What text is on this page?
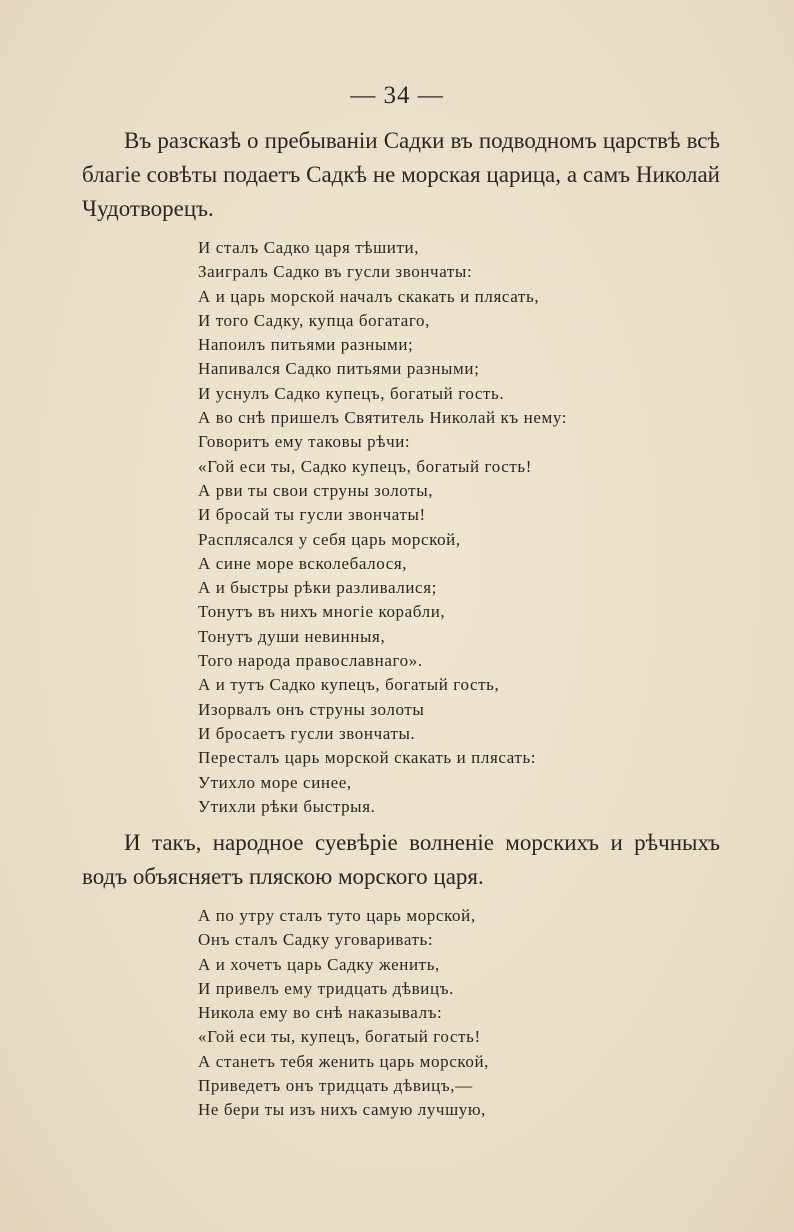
— 34 —
Въ разсказѣ о пребываніи Садки въ подводномъ царствѣ всѣ благіе совѣты подаетъ Садкѣ не морская царица, а самъ Николай Чудотворецъ.
И сталъ Садко царя тѣшити,
Заигралъ Садко въ гусли звончаты:
А и царь морской началъ скакать и плясать,
И того Садку, купца богатаго,
Напоилъ питьями разными;
Напивался Садко питьями разными;
И уснулъ Садко купецъ, богатый гость.
А во снѣ пришелъ Святитель Николай къ нему:
Говоритъ ему таковы рѣчи:
«Гой еси ты, Садко купецъ, богатый гость!
А рви ты свои струны золоты,
И бросай ты гусли звончаты!
Расплясался у себя царь морской,
А сине море всколебалося,
А и быстры рѣки разливалися;
Тонутъ въ нихъ многіе корабли,
Тонутъ души невинныя,
Того народа православнаго».
А и тутъ Садко купецъ, богатый гость,
Изорвалъ онъ струны золоты
И бросаетъ гусли звончаты.
Пересталъ царь морской скакать и плясать:
Утихло море синее,
Утихли рѣки быстрыя.
И такъ, народное суевѣріе волненіе морскихъ и рѣчныхъ водъ объясняетъ пляскою морского царя.
А по утру сталъ туто царь морской,
Онъ сталъ Садку уговаривать:
А и хочетъ царь Садку женить,
И привелъ ему тридцать дѣвицъ.
Никола ему во снѣ наказывалъ:
«Гой еси ты, купецъ, богатый гость!
А станетъ тебя женить царь морской,
Приведетъ онъ тридцать дѣвицъ,—
Не бери ты изъ нихъ самую лучшую,
